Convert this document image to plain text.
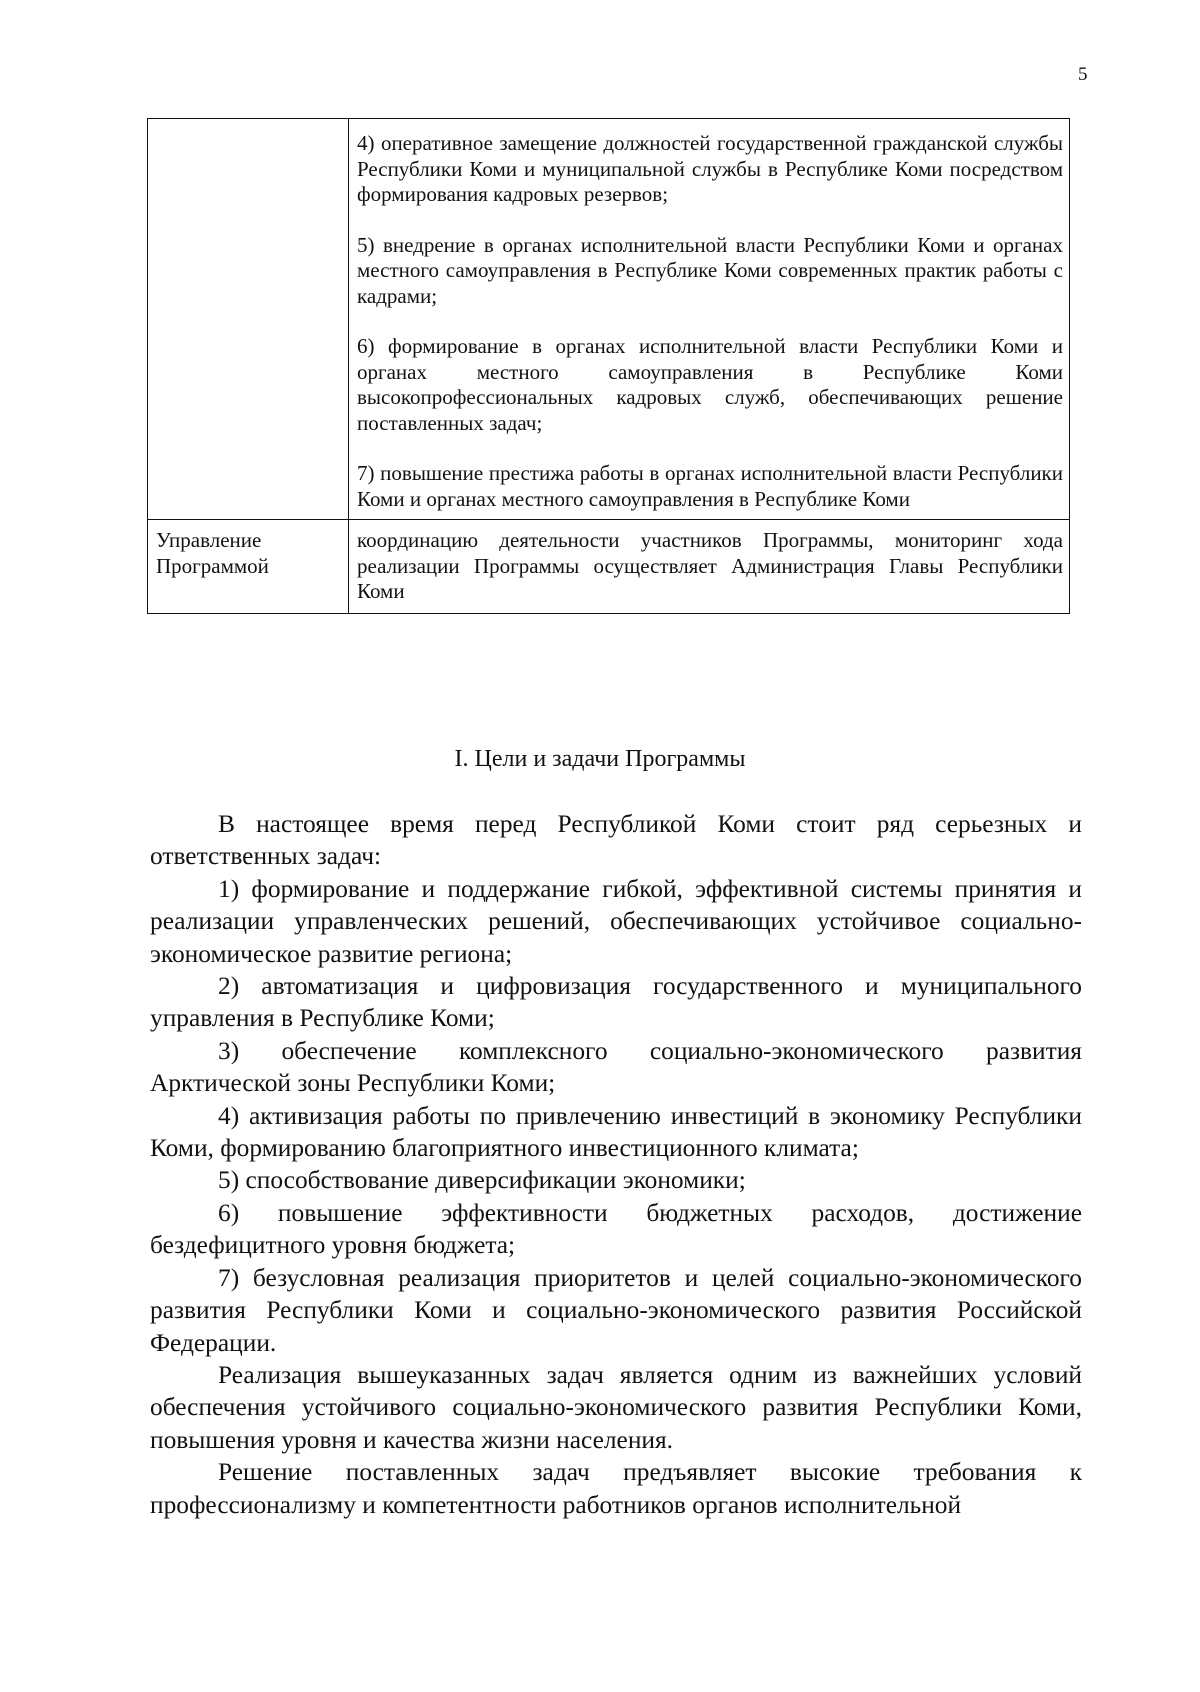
5

	4) оперативное замещение должностей государственной гражданской службы Республики Коми и муниципальной службы в Республике Коми посредством формирования кадровых резервов;
5) внедрение в органах исполнительной власти Республики Коми и органах местного самоуправления в Республике Коми современных практик работы с кадрами;
6) формирование в органах исполнительной власти Республики Коми и органах местного самоуправления в Республике Коми высокопрофессиональных кадровых служб, обеспечивающих решение поставленных задач;
7) повышение престижа работы в органах исполнительной власти Республики Коми и органах местного самоуправления в Республике Коми

Управление Программой	координацию деятельности участников Программы, мониторинг хода реализации Программы осуществляет Администрация Главы Республики Коми
I. Цели и задачи Программы

В настоящее время перед Республикой Коми стоит ряд серьезных и ответственных задач:

1) формирование и поддержание гибкой, эффективной системы принятия и реализации управленческих решений, обеспечивающих устойчивое социально-экономическое развитие региона;

2) автоматизация и цифровизация государственного и муниципального управления в Республике Коми;

3) обеспечение комплексного социально-экономического развития Арктической зоны Республики Коми;

4) активизация работы по привлечению инвестиций в экономику Республики Коми, формированию благоприятного инвестиционного климата;

5) способствование диверсификации экономики;

6) повышение эффективности бюджетных расходов, достижение бездефицитного уровня бюджета;

7) безусловная реализация приоритетов и целей социально-экономического развития Республики Коми и социально-экономического развития Российской Федерации.

Реализация вышеуказанных задач является одним из важнейших условий обеспечения устойчивого социально-экономического развития Республики Коми, повышения уровня и качества жизни населения.

Решение поставленных задач предъявляет высокие требования к профессионализму и компетентности работников органов исполнительной
